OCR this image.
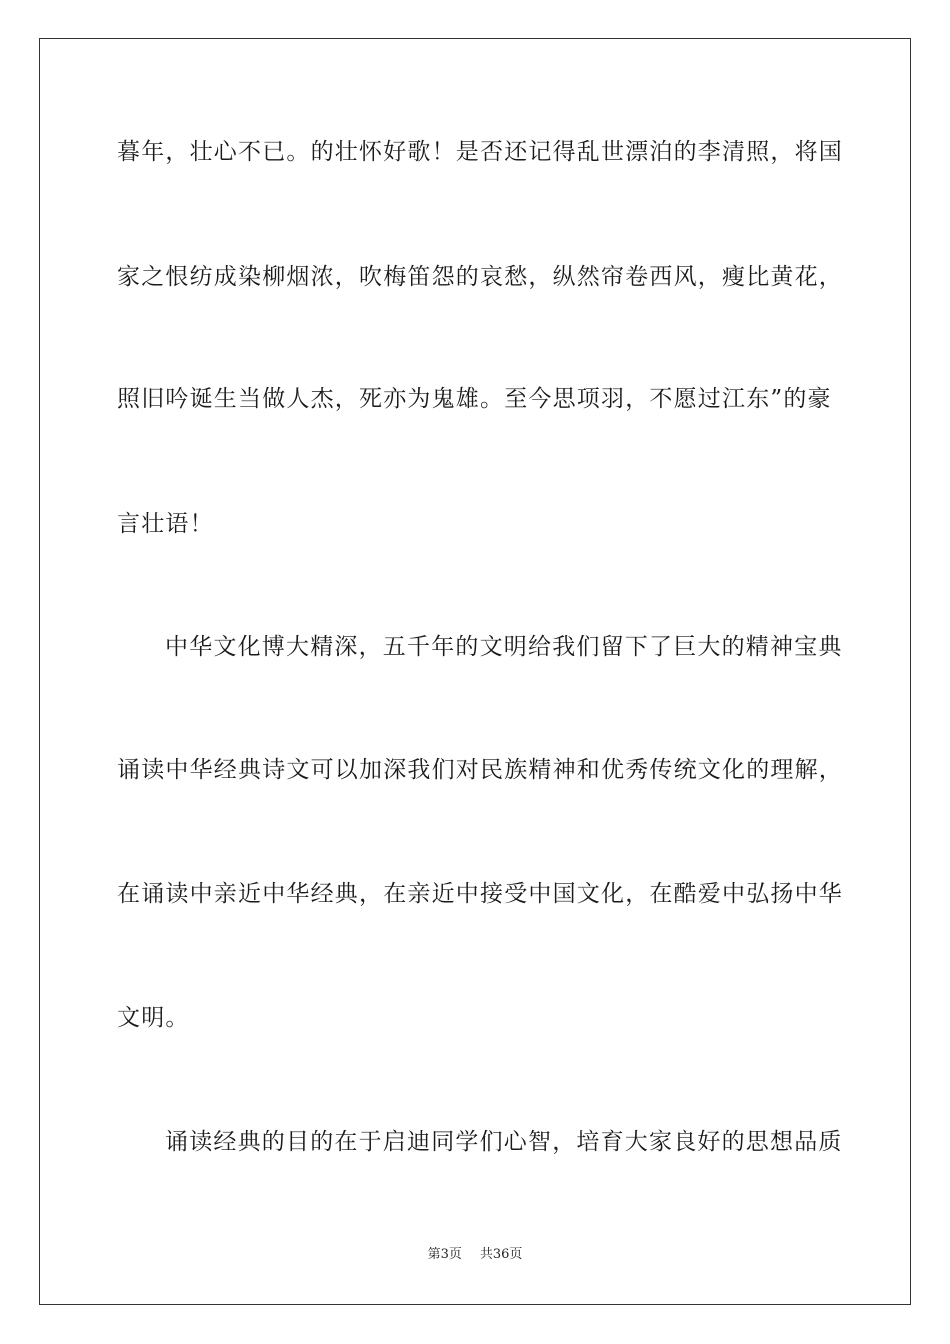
暮年，壮心不已。的壮怀好歌！是否还记得乱世漂泊的李清照，将国
家之恨纺成染柳烟浓，吹梅笛怨的哀愁，纵然帘卷西风，瘦比黄花，
照旧吟诞生当做人杰，死亦为鬼雄。至今思项羽，不愿过江东”的豪
言壮语！
中华文化博大精深，五千年的文明给我们留下了巨大的精神宝典
诵读中华经典诗文可以加深我们对民族精神和优秀传统文化的理解，
在诵读中亲近中华经典，在亲近中接受中国文化，在酷爱中弘扬中华
文明。
诵读经典的目的在于启迪同学们心智，培育大家良好的思想品质
第3页 共36页
